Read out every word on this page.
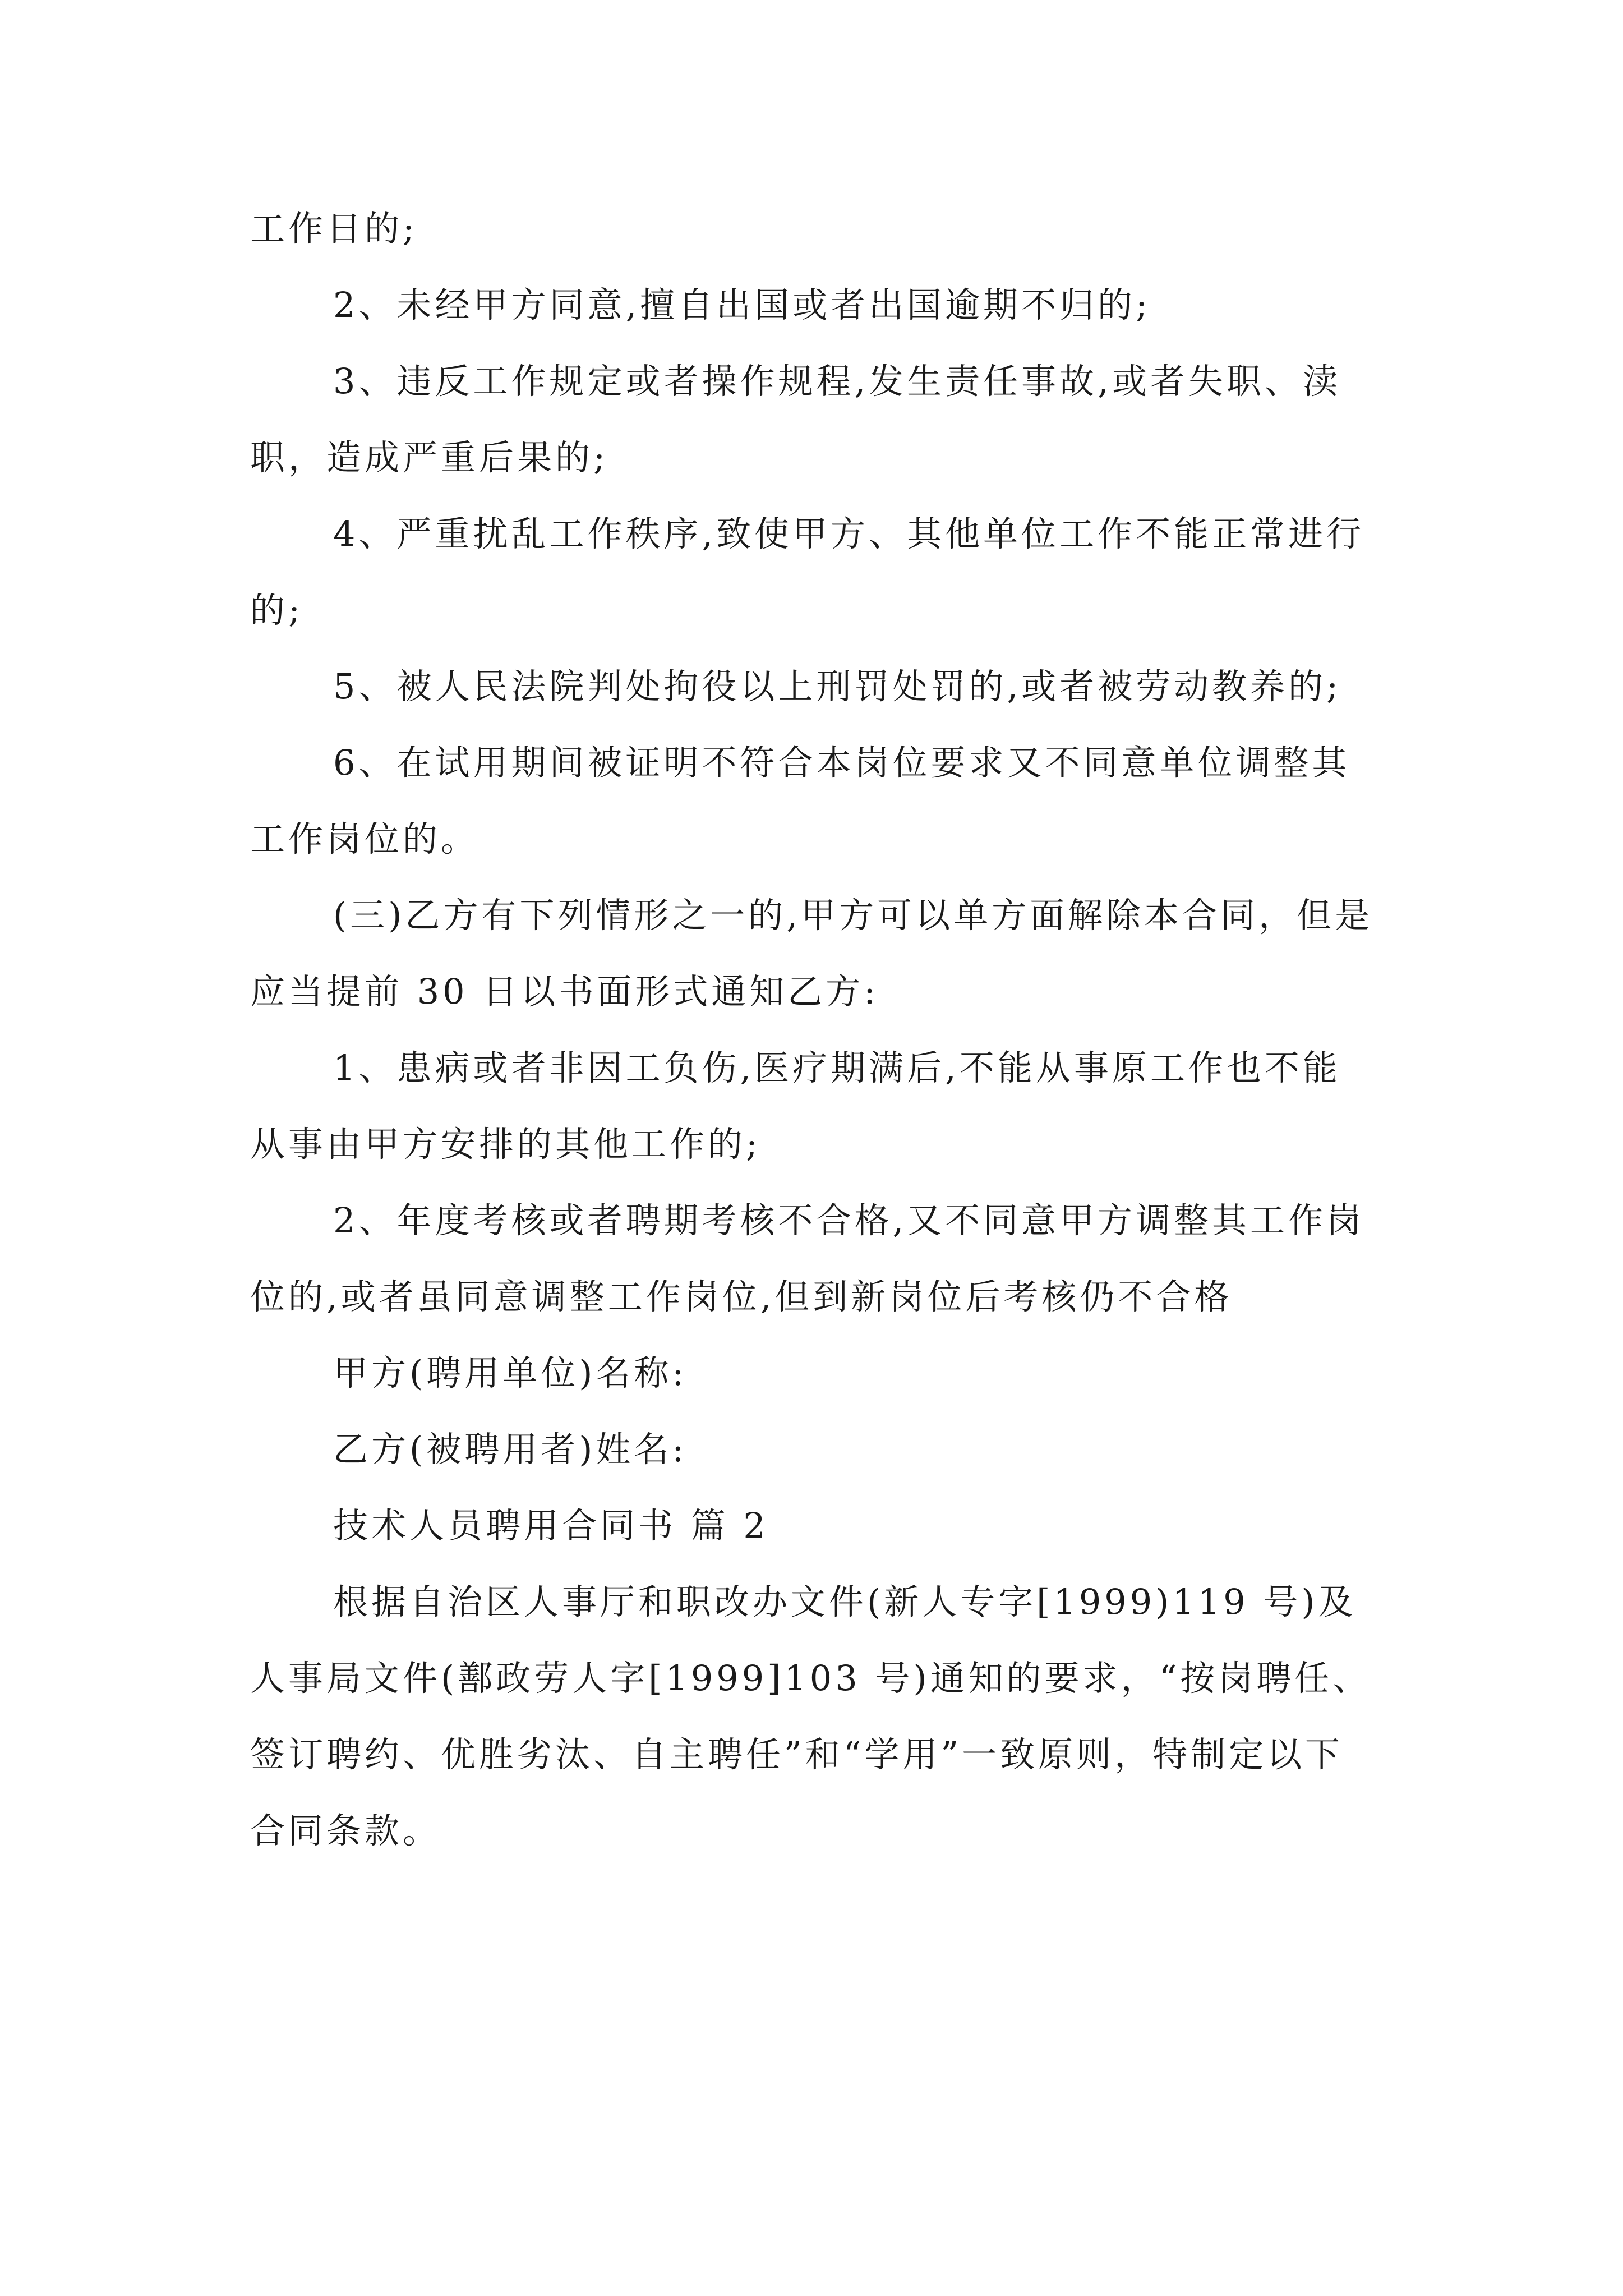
工作日的;

2、未经甲方同意,擅自出国或者出国逾期不归的;

3、违反工作规定或者操作规程,发生责任事故,或者失职、渎职，造成严重后果的;

4、严重扰乱工作秩序,致使甲方、其他单位工作不能正常进行的;

5、被人民法院判处拘役以上刑罚处罚的,或者被劳动教养的;

6、在试用期间被证明不符合本岗位要求又不同意单位调整其工作岗位的。

(三)乙方有下列情形之一的,甲方可以单方面解除本合同，但是应当提前 30 日以书面形式通知乙方:

1、患病或者非因工负伤,医疗期满后,不能从事原工作也不能从事由甲方安排的其他工作的;

2、年度考核或者聘期考核不合格,又不同意甲方调整其工作岗位的,或者虽同意调整工作岗位,但到新岗位后考核仍不合格

甲方(聘用单位)名称:

乙方(被聘用者)姓名:

技术人员聘用合同书 篇 2

根据自治区人事厅和职改办文件(新人专字[1999)119 号)及人事局文件(鄯政劳人字[1999]103 号)通知的要求，“按岗聘任、签订聘约、优胜劣汰、自主聘任”和“学用”一致原则，特制定以下合同条款。
